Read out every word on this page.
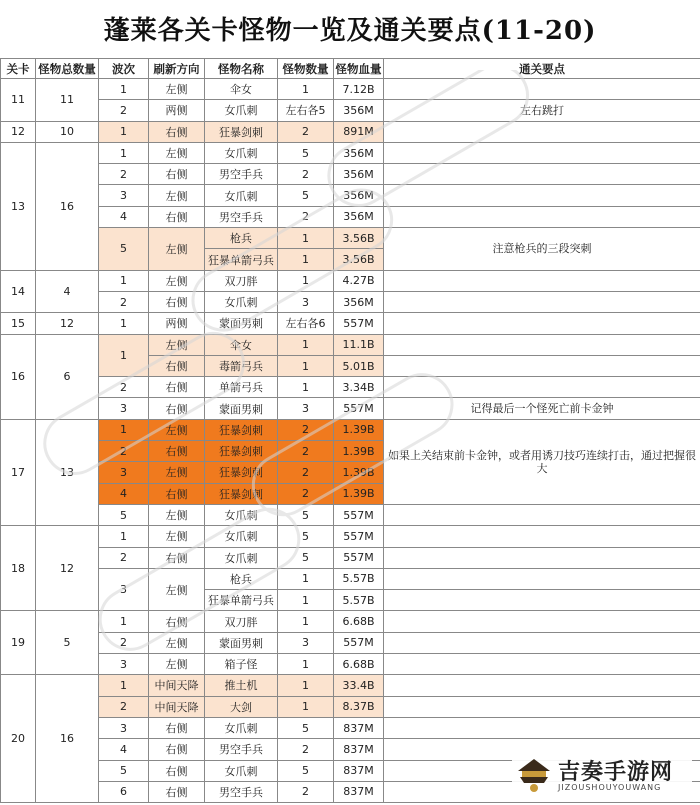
蓬莱各关卡怪物一览及通关要点(11-20)
关卡	怪物总数量	波次	刷新方向	怪物名称	怪物数量	怪物血量	通关要点
11	11	1	左侧	伞女	1	7.12B	
		2	两侧	女爪刺	左右各5	356M	左右跳打
12	10	1	右侧	狂暴剑刺	2	891M	
13	16	1	左侧	女爪刺	5	356M	
		2	右侧	男空手兵	2	356M	
		3	左侧	女爪刺	5	356M	
		4	右侧	男空手兵	2	356M	
		5	左侧	枪兵	1	3.56B	注意枪兵的三段突刺
				狂暴单箭弓兵	1	3.56B	
14	4	1	左侧	双刀胖	1	4.27B	
		2	右侧	女爪刺	3	356M	
15	12	1	两侧	蒙面男刺	左右各6	557M	
16	6	1	左侧	伞女	1	11.1B	
			右侧	毒箭弓兵	1	5.01B	
		2	右侧	单箭弓兵	1	3.34B	
		3	右侧	蒙面男刺	3	557M	记得最后一个怪死亡前卡金钟
17	13	1	左侧	狂暴剑刺	2	1.39B	如果上关结束前卡金钟，或者用诱刀技巧连续打击，通过把握很大
		2	右侧	狂暴剑刺	2	1.39B	
		3	左侧	狂暴剑刺	2	1.39B	
		4	右侧	狂暴剑刺	2	1.39B	
		5	左侧	女爪刺	5	557M	
18	12	1	左侧	女爪刺	5	557M	
		2	右侧	女爪刺	5	557M	
		3	左侧	枪兵	1	5.57B	
				狂暴单箭弓兵	1	5.57B	
19	5	1	右侧	双刀胖	1	6.68B	
		2	左侧	蒙面男刺	3	557M	
		3	左侧	箱子怪	1	6.68B	
20	16	1	中间天降	推土机	1	33.4B	
		2	中间天降	大剑	1	8.37B	
		3	右侧	女爪刺	5	837M	
		4	右侧	男空手兵	2	837M	
		5	右侧	女爪刺	5	837M	
		6	右侧	男空手兵	2	837M	
吉奏手游网
JIZOUSHOUYOUWANG
